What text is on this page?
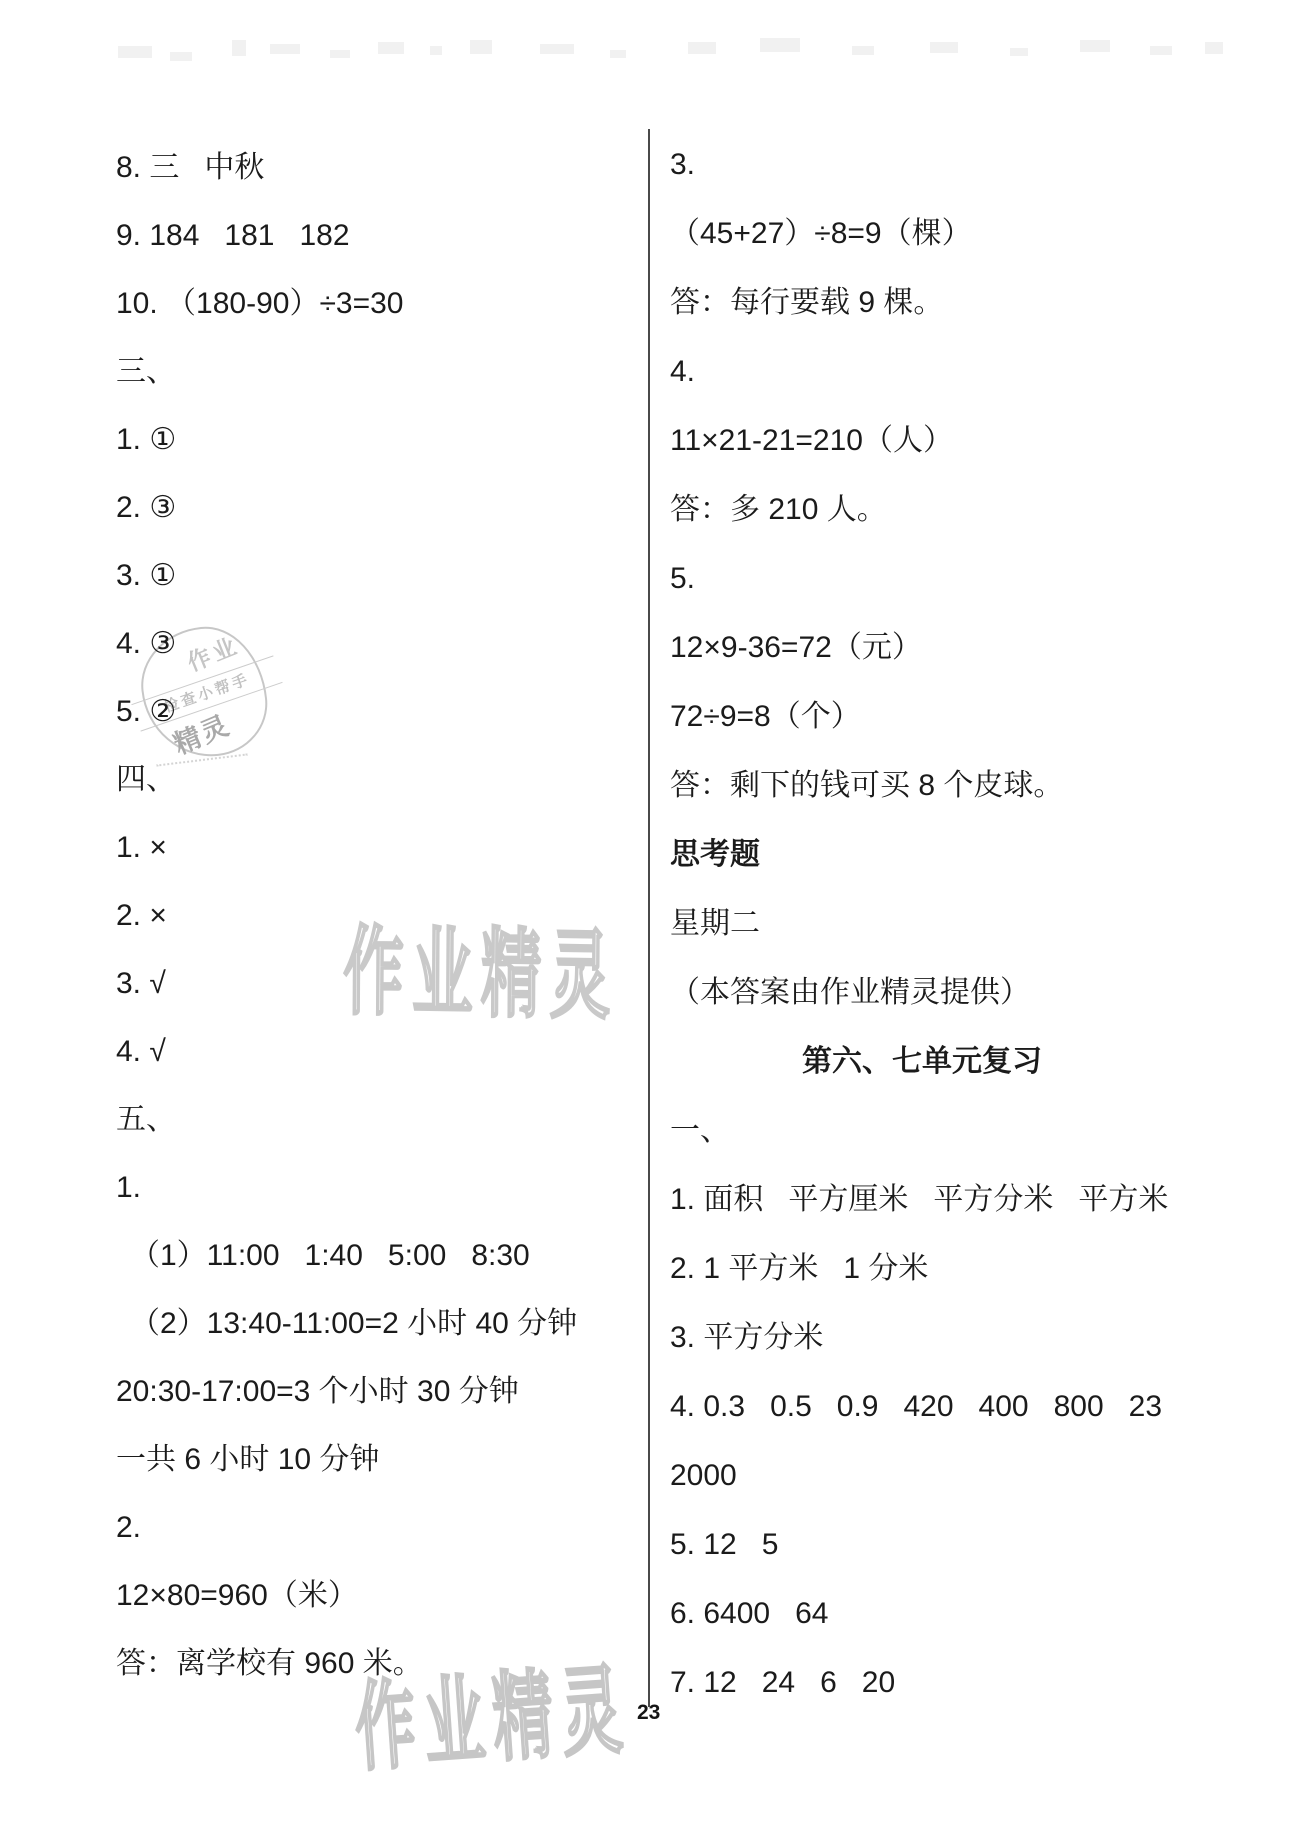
作业精灵
作业精灵
作业
检查小帮手
精灵
8. 三   中秋
9. 184   181   182
10. （180-90）÷3=30
三、
1. ①
2. ③
3. ①
4. ③
5. ②
四、
1. ×
2. ×
3. √
4. √
五、
1.
（1）11:00   1:40   5:00   8:30
（2）13:40-11:00=2 小时 40 分钟
20:30-17:00=3 个小时 30 分钟
一共 6 小时 10 分钟
2.
12×80=960（米）
答：离学校有 960 米。
3.
（45+27）÷8=9（棵）
答：每行要载 9 棵。
4.
11×21-21=210（人）
答：多 210 人。
5.
12×9-36=72（元）
72÷9=8（个）
答：剩下的钱可买 8 个皮球。
思考题
星期二
（本答案由作业精灵提供）
第六、七单元复习
一、
1. 面积   平方厘米   平方分米   平方米
2. 1 平方米   1 分米
3. 平方分米
4. 0.3   0.5   0.9   420   400   800   23
2000
5. 12   5
6. 6400   64
7. 12   24   6   20
23
